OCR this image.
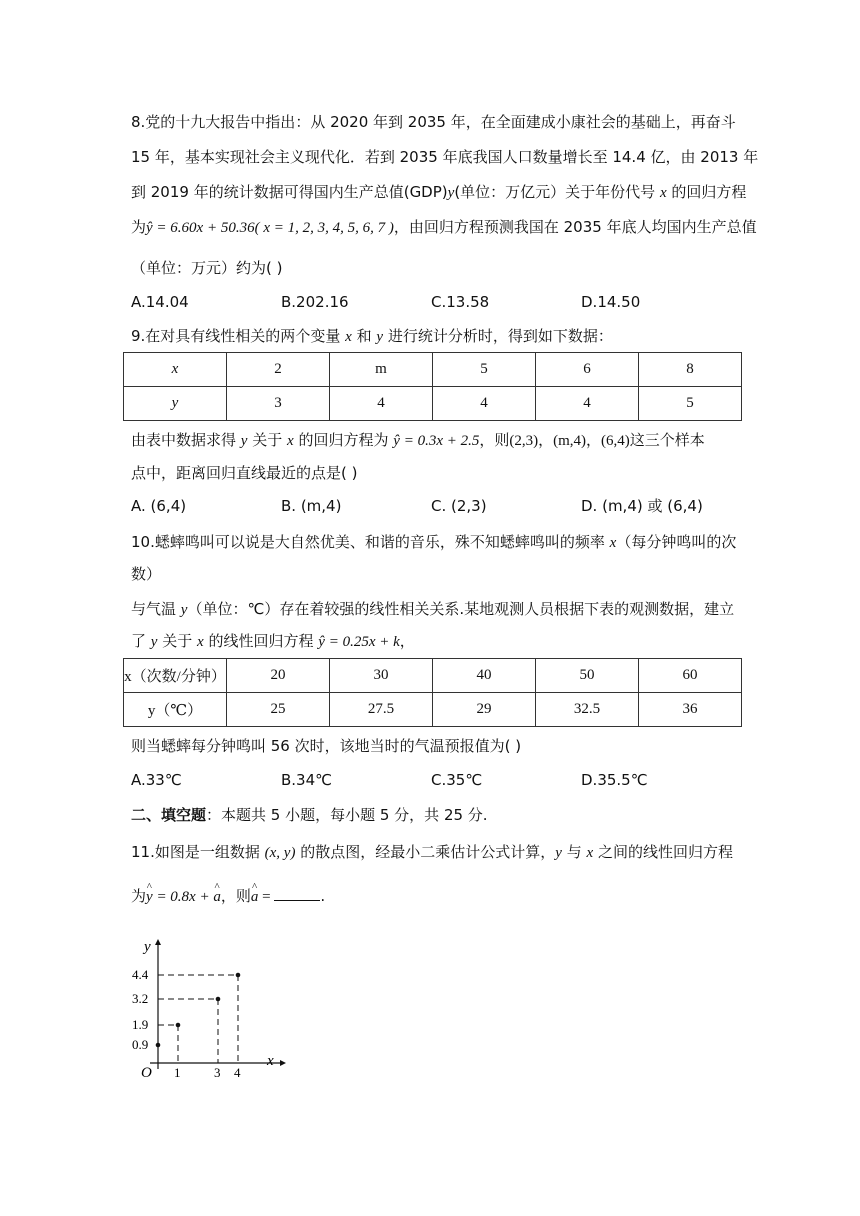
8.党的十九大报告中指出：从 2020 年到 2035 年，在全面建成小康社会的基础上，再奋斗
15 年，基本实现社会主义现代化．若到 2035 年底我国人口数量增长至 14.4 亿，由 2013 年
到 2019 年的统计数据可得国内生产总值(GDP)y(单位：万亿元）关于年份代号 x 的回归方程
为ŷ = 6.60x + 50.36( x = 1, 2, 3, 4, 5, 6, 7 )，由回归方程预测我国在 2035 年底人均国内生产总值
（单位：万元）约为( )
A.14.04	B.202.16	C.13.58	D.14.50
9.在对具有线性相关的两个变量 x 和 y 进行统计分析时，得到如下数据：
x	2	m	5	6	8
y	3	4	4	4	5
由表中数据求得 y 关于 x 的回归方程为 ŷ = 0.3x + 2.5，则(2,3)，(m,4)，(6,4)这三个样本
点中，距离回归直线最近的点是( )
A. (6,4)	B. (m,4)	C. (2,3)	D. (m,4) 或 (6,4)
10.蟋蟀鸣叫可以说是大自然优美、和谐的音乐，殊不知蟋蟀鸣叫的频率 x（每分钟鸣叫的次
数）
与气温 y（单位：℃）存在着较强的线性相关关系.某地观测人员根据下表的观测数据，建立
了 y 关于 x 的线性回归方程 ŷ = 0.25x + k，
x（次数/分钟）	20	30	40	50	60
y（℃）	25	27.5	29	32.5	36
则当蟋蟀每分钟鸣叫 56 次时，该地当时的气温预报值为( )
A.33℃	B.34℃	C.35℃	D.35.5℃
二、填空题：本题共 5 小题，每小题 5 分，共 25 分.
11.如图是一组数据 (x, y) 的散点图，经最小二乘估计公式计算，y 与 x 之间的线性回归方程
为^ y = 0.8x + ^ a，则^ a =	.
x
y
O 1	3 4
0.9
1.9
3.2
4.4
